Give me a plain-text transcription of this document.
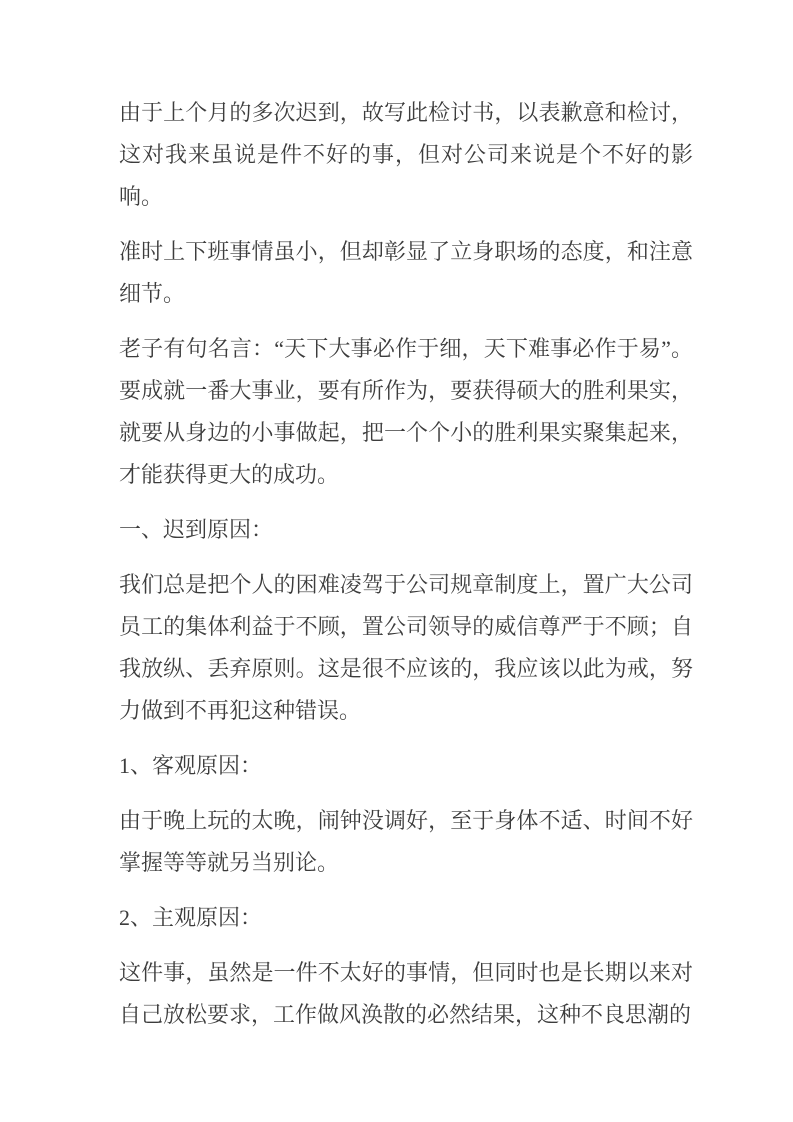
由于上个月的多次迟到，故写此检讨书，以表歉意和检讨，这对我来虽说是件不好的事，但对公司来说是个不好的影响。

准时上下班事情虽小，但却彰显了立身职场的态度，和注意细节。

老子有句名言：“天下大事必作于细，天下难事必作于易”。要成就一番大事业，要有所作为，要获得硕大的胜利果实，就要从身边的小事做起，把一个个小的胜利果实聚集起来，才能获得更大的成功。

一、迟到原因：

我们总是把个人的困难凌驾于公司规章制度上，置广大公司员工的集体利益于不顾，置公司领导的威信尊严于不顾；自我放纵、丢弃原则。这是很不应该的，我应该以此为戒，努力做到不再犯这种错误。

1、客观原因：

由于晚上玩的太晚，闹钟没调好，至于身体不适、时间不好掌握等等就另当别论。

2、主观原因：

这件事，虽然是一件不太好的事情，但同时也是长期以来对自己放松要求，工作做风涣散的必然结果，这种不良思潮的
